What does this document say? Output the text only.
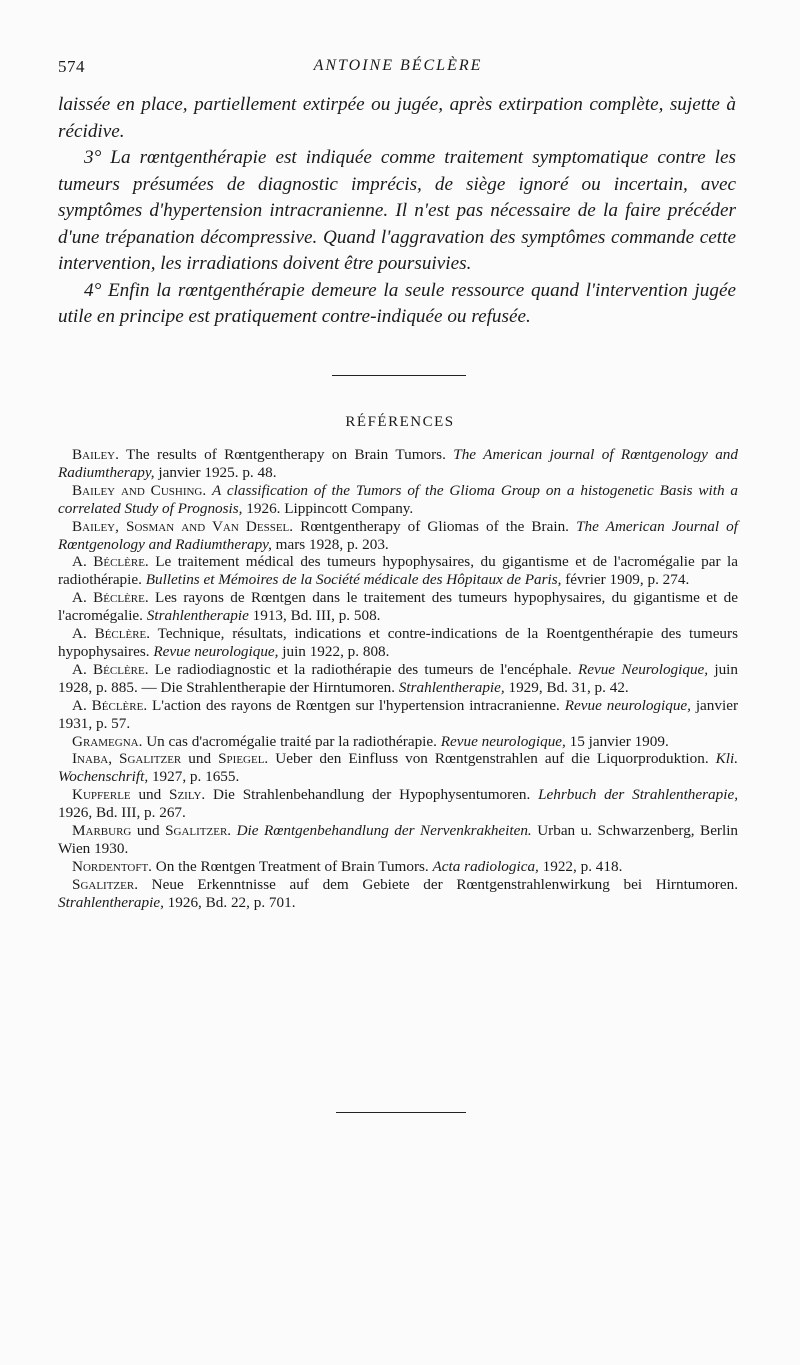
574	ANTOINE BÉCLÈRE

laissée en place, partiellement extirpée ou jugée, après extirpation complète, sujette à récidive.

3° La rœntgenthérapie est indiquée comme traitement symptomatique contre les tumeurs présumées de diagnostic imprécis, de siège ignoré ou incertain, avec symptômes d'hypertension intracranienne. Il n'est pas nécessaire de la faire précéder d'une trépanation décompressive. Quand l'aggravation des symptômes commande cette intervention, les irradiations doivent être poursuivies.

4° Enfin la rœntgenthérapie demeure la seule ressource quand l'intervention jugée utile en principe est pratiquement contre-indiquée ou refusée.

RÉFÉRENCES

Bailey. The results of Rœntgentherapy on Brain Tumors. The American journal of Rœntgenology and Radiumtherapy, janvier 1925. p. 48.

Bailey and Cushing. A classification of the Tumors of the Glioma Group on a histogenetic Basis with a correlated Study of Prognosis, 1926. Lippincott Company.

Bailey, Sosman and Van Dessel. Rœntgentherapy of Gliomas of the Brain. The American Journal of Rœntgenology and Radiumtherapy, mars 1928, p. 203.

A. Béclère. Le traitement médical des tumeurs hypophysaires, du gigantisme et de l'acromégalie par la radiothérapie. Bulletins et Mémoires de la Société médicale des Hôpitaux de Paris, février 1909, p. 274.

A. Béclère. Les rayons de Rœntgen dans le traitement des tumeurs hypophysaires, du gigantisme et de l'acromégalie. Strahlentherapie 1913, Bd. III, p. 508.

A. Béclère. Technique, résultats, indications et contre-indications de la Roentgenthérapie des tumeurs hypophysaires. Revue neurologique, juin 1922, p. 808.

A. Béclère. Le radiodiagnostic et la radiothérapie des tumeurs de l'encéphale. Revue Neurologique, juin 1928, p. 885. — Die Strahlentherapie der Hirntumoren. Strahlentherapie, 1929, Bd. 31, p. 42.

A. Béclère. L'action des rayons de Rœntgen sur l'hypertension intracranienne. Revue neurologique, janvier 1931, p. 57.

Gramegna. Un cas d'acromégalie traité par la radiothérapie. Revue neurologique, 15 janvier 1909.

Inaba, Sgalitzer und Spiegel. Ueber den Einfluss von Rœntgenstrahlen auf die Liquorproduktion. Kli. Wochenschrift, 1927, p. 1655.

Kupferle und Szily. Die Strahlenbehandlung der Hypophysentumoren. Lehrbuch der Strahlentherapie, 1926, Bd. III, p. 267.

Marburg und Sgalitzer. Die Rœntgenbehandlung der Nervenkrakheiten. Urban u. Schwarzenberg, Berlin Wien 1930.

Nordentoft. On the Rœntgen Treatment of Brain Tumors. Acta radiologica, 1922, p. 418.

Sgalitzer. Neue Erkenntnisse auf dem Gebiete der Rœntgenstrahlenwirkung bei Hirntumoren. Strahlentherapie, 1926, Bd. 22, p. 701.
